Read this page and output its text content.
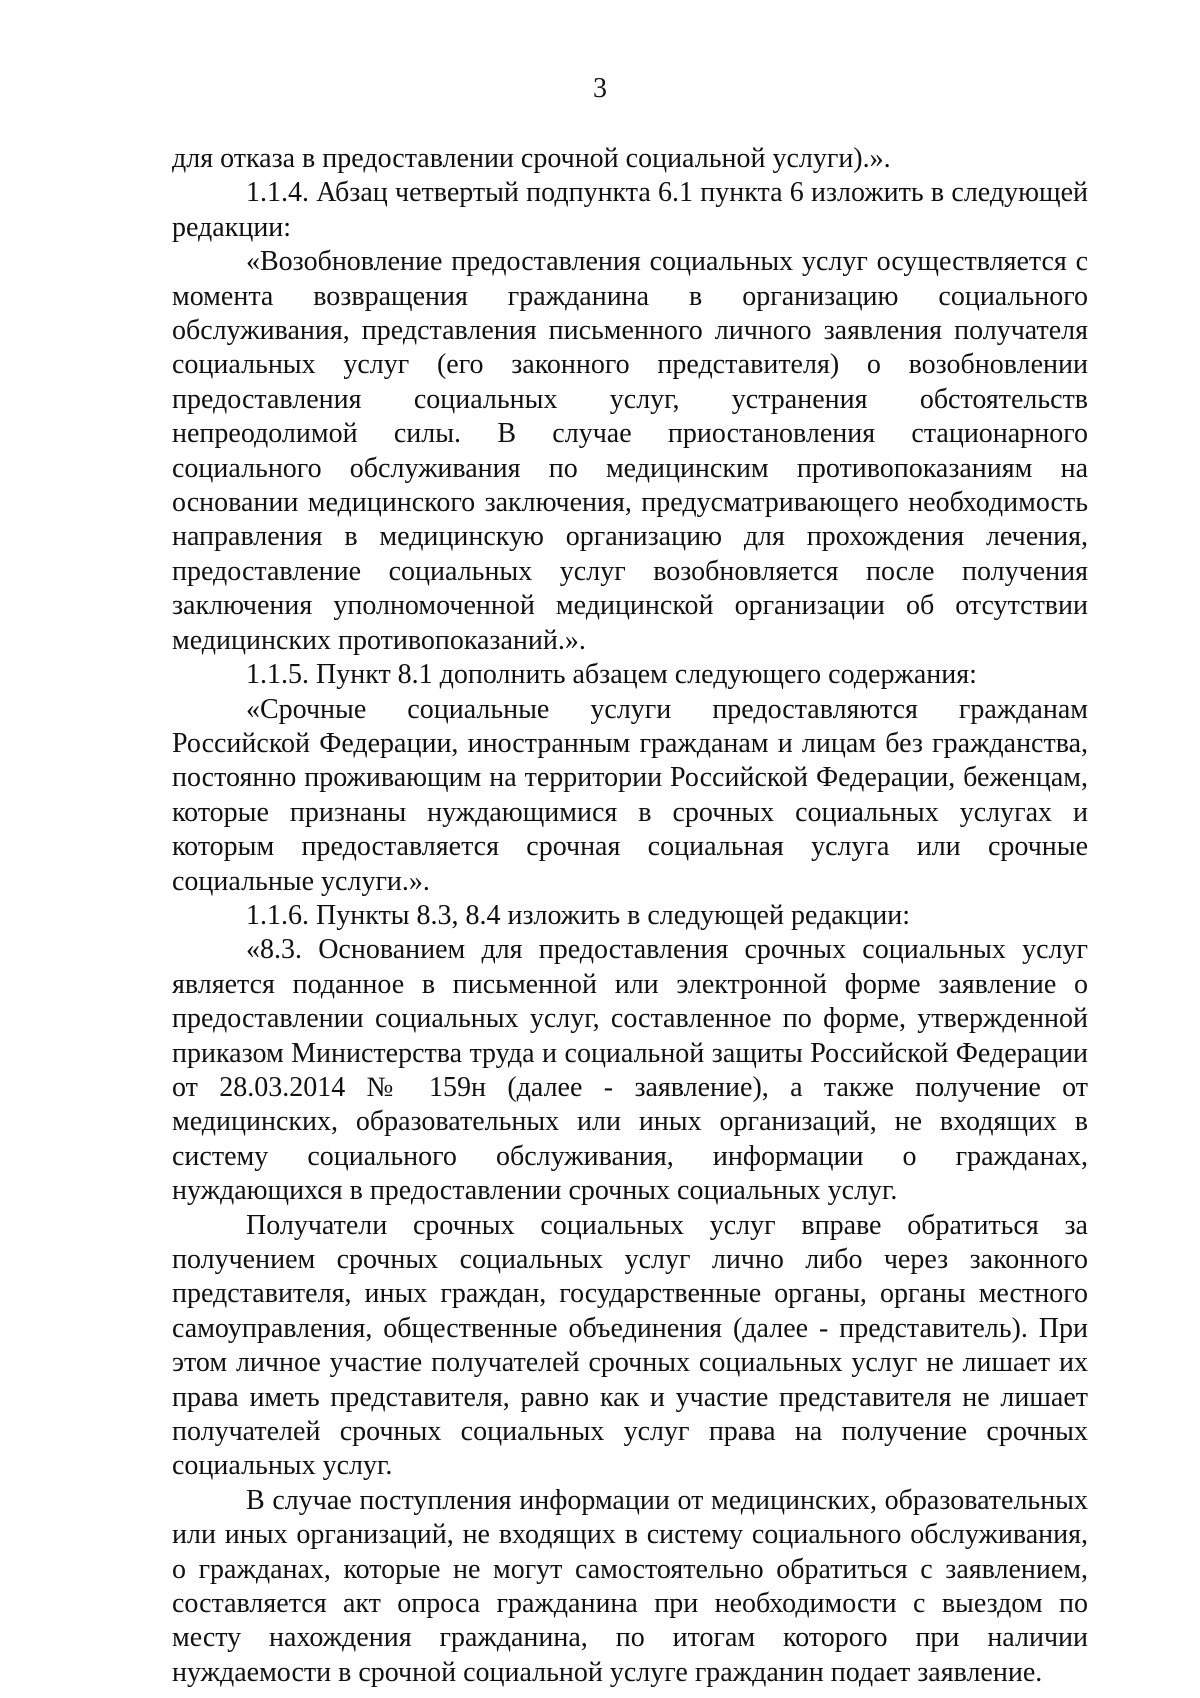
3

для отказа в предоставлении срочной социальной услуги).».

1.1.4. Абзац четвертый подпункта 6.1 пункта 6 изложить в следующей редакции:

«Возобновление предоставления социальных услуг осуществляется с момента возвращения гражданина в организацию социального обслуживания, представления письменного личного заявления получателя социальных услуг (его законного представителя) о возобновлении предоставления социальных услуг, устранения обстоятельств непреодолимой силы. В случае приостановления стационарного социального обслуживания по медицинским противопоказаниям на основании медицинского заключения, предусматривающего необходимость направления в медицинскую организацию для прохождения лечения, предоставление социальных услуг возобновляется после получения заключения уполномоченной медицинской организации об отсутствии медицинских противопоказаний.».

1.1.5. Пункт 8.1 дополнить абзацем следующего содержания:

«Срочные социальные услуги предоставляются гражданам Российской Федерации, иностранным гражданам и лицам без гражданства, постоянно проживающим на территории Российской Федерации, беженцам, которые признаны нуждающимися в срочных социальных услугах и которым предоставляется срочная социальная услуга или срочные социальные услуги.».

1.1.6. Пункты 8.3, 8.4 изложить в следующей редакции:

«8.3. Основанием для предоставления срочных социальных услуг является поданное в письменной или электронной форме заявление о предоставлении социальных услуг, составленное по форме, утвержденной приказом Министерства труда и социальной защиты Российской Федерации от 28.03.2014 № 159н (далее - заявление), а также получение от медицинских, образовательных или иных организаций, не входящих в систему социального обслуживания, информации о гражданах, нуждающихся в предоставлении срочных социальных услуг.

Получатели срочных социальных услуг вправе обратиться за получением срочных социальных услуг лично либо через законного представителя, иных граждан, государственные органы, органы местного самоуправления, общественные объединения (далее - представитель). При этом личное участие получателей срочных социальных услуг не лишает их права иметь представителя, равно как и участие представителя не лишает получателей срочных социальных услуг права на получение срочных социальных услуг.

В случае поступления информации от медицинских, образовательных или иных организаций, не входящих в систему социального обслуживания, о гражданах, которые не могут самостоятельно обратиться с заявлением, составляется акт опроса гражданина при необходимости с выездом по месту нахождения гражданина, по итогам которого при наличии нуждаемости в срочной социальной услуге гражданин подает заявление.
